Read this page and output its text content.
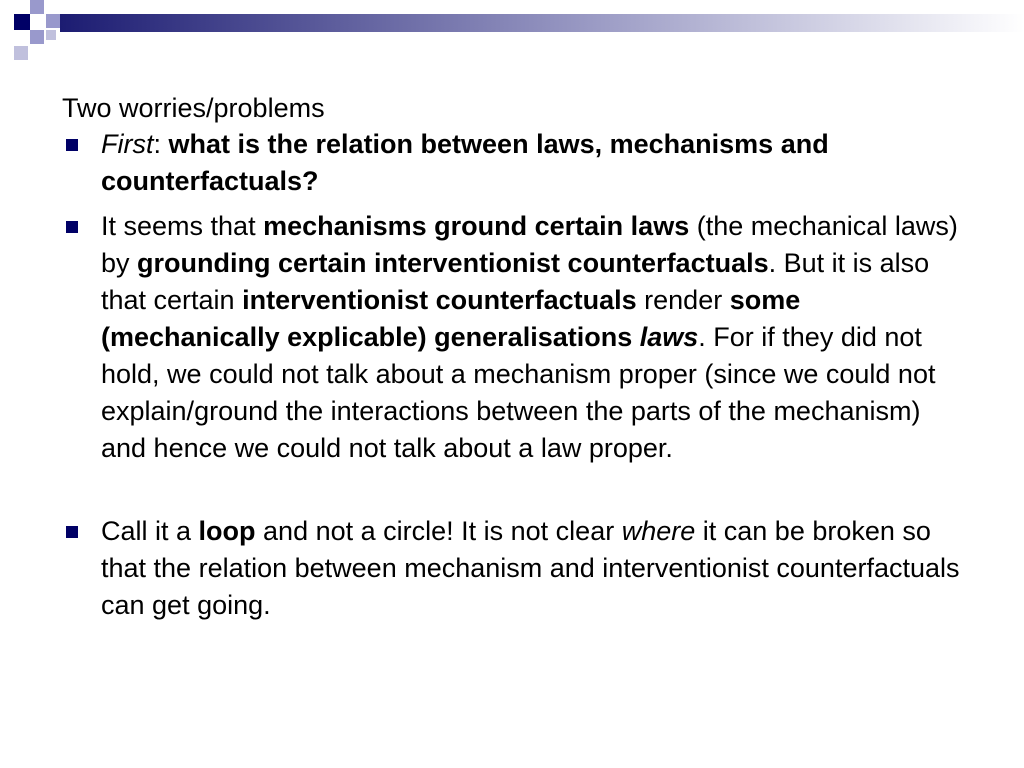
Two worries/problems
First: what is the relation between laws, mechanisms and counterfactuals?
It seems that mechanisms ground certain laws (the mechanical laws) by grounding certain interventionist counterfactuals. But it is also that certain interventionist counterfactuals render some (mechanically explicable) generalisations laws. For if they did not hold, we could not talk about a mechanism proper (since we could not explain/ground the interactions between the parts of the mechanism) and hence we could not talk about a law proper.
Call it a loop and not a circle! It is not clear where it can be broken so that the relation between mechanism and interventionist counterfactuals can get going.
